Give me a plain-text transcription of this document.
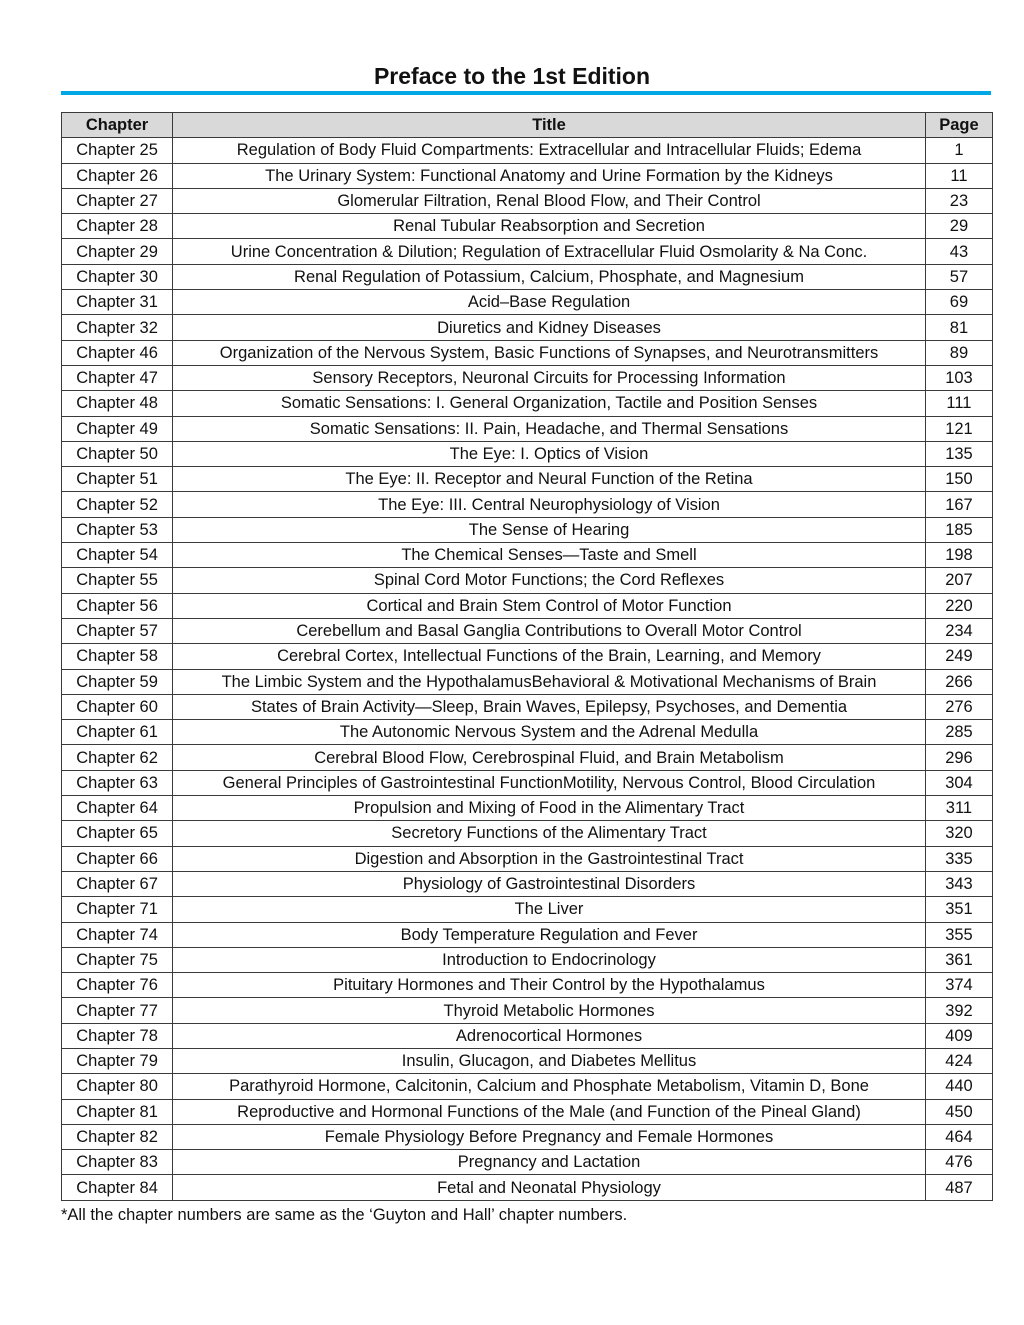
Preface to the 1st Edition
Chapter	Title	Page
Chapter 25	Regulation of Body Fluid Compartments: Extracellular and Intracellular Fluids; Edema	1
Chapter 26	The Urinary System: Functional Anatomy and Urine Formation by the Kidneys	11
Chapter 27	Glomerular Filtration, Renal Blood Flow, and Their Control	23
Chapter 28	Renal Tubular Reabsorption and Secretion	29
Chapter 29	Urine Concentration & Dilution; Regulation of Extracellular Fluid Osmolarity & Na Conc.	43
Chapter 30	Renal Regulation of Potassium, Calcium, Phosphate, and Magnesium	57
Chapter 31	Acid–Base Regulation	69
Chapter 32	Diuretics and Kidney Diseases	81
Chapter 46	Organization of the Nervous System, Basic Functions of Synapses, and Neurotransmitters	89
Chapter 47	Sensory Receptors, Neuronal Circuits for Processing Information	103
Chapter 48	Somatic Sensations: I. General Organization, Tactile and Position Senses	111
Chapter 49	Somatic Sensations: II. Pain, Headache, and Thermal Sensations	121
Chapter 50	The Eye: I. Optics of Vision	135
Chapter 51	The Eye: II. Receptor and Neural Function of the Retina	150
Chapter 52	The Eye: III. Central Neurophysiology of Vision	167
Chapter 53	The Sense of Hearing	185
Chapter 54	The Chemical Senses—Taste and Smell	198
Chapter 55	Spinal Cord Motor Functions; the Cord Reflexes	207
Chapter 56	Cortical and Brain Stem Control of Motor Function	220
Chapter 57	Cerebellum and Basal Ganglia Contributions to Overall Motor Control	234
Chapter 58	Cerebral Cortex, Intellectual Functions of the Brain, Learning, and Memory	249
Chapter 59	The Limbic System and the HypothalamusBehavioral & Motivational Mechanisms of Brain	266
Chapter 60	States of Brain Activity—Sleep, Brain Waves, Epilepsy, Psychoses, and Dementia	276
Chapter 61	The Autonomic Nervous System and the Adrenal Medulla	285
Chapter 62	Cerebral Blood Flow, Cerebrospinal Fluid, and Brain Metabolism	296
Chapter 63	General Principles of Gastrointestinal FunctionMotility, Nervous Control, Blood Circulation	304
Chapter 64	Propulsion and Mixing of Food in the Alimentary Tract	311
Chapter 65	Secretory Functions of the Alimentary Tract	320
Chapter 66	Digestion and Absorption in the Gastrointestinal Tract	335
Chapter 67	Physiology of Gastrointestinal Disorders	343
Chapter 71	The Liver	351
Chapter 74	Body Temperature Regulation and Fever	355
Chapter 75	Introduction to Endocrinology	361
Chapter 76	Pituitary Hormones and Their Control by the Hypothalamus	374
Chapter 77	Thyroid Metabolic Hormones	392
Chapter 78	Adrenocortical Hormones	409
Chapter 79	Insulin, Glucagon, and Diabetes Mellitus	424
Chapter 80	Parathyroid Hormone, Calcitonin, Calcium and Phosphate Metabolism, Vitamin D, Bone	440
Chapter 81	Reproductive and Hormonal Functions of the Male (and Function of the Pineal Gland)	450
Chapter 82	Female Physiology Before Pregnancy and Female Hormones	464
Chapter 83	Pregnancy and Lactation	476
Chapter 84	Fetal and Neonatal Physiology	487

*All the chapter numbers are same as the ‘Guyton and Hall’ chapter numbers.
